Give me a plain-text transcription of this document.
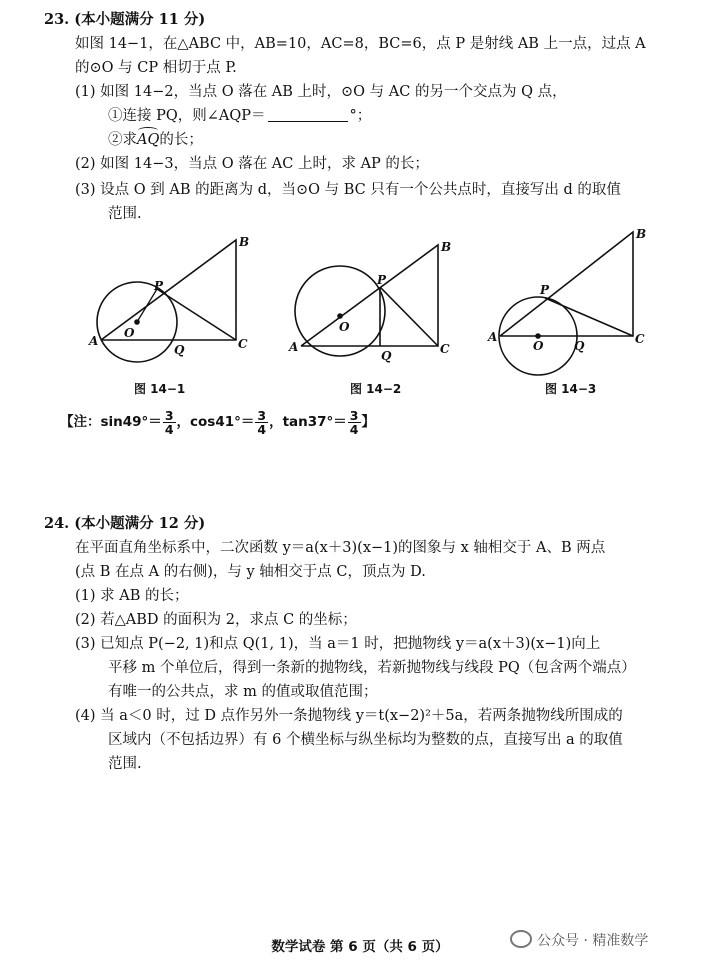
23. (本小题满分 11 分)
如图 14−1，在△ABC 中，AB=10，AC=8，BC=6，点 P 是射线 AB 上一点，过点 A
的⊙O 与 CP 相切于点 P.
(1) 如图 14−2，当点 O 落在 AB 上时，⊙O 与 AC 的另一个交点为 Q 点，
①连接 PQ，则∠AQP＝	°；
②求AQ的长；
(2) 如图 14−3，当点 O 落在 AC 上时，求 AP 的长；
(3) 设点 O 到 AB 的距离为 d，当⊙O 与 BC 只有一个公共点时，直接写出 d 的取值
范围.
A
B
C
P
O
Q	A
B
C
P
O
Q
A
B
C
P
O	Q
图 14−1	图 14−2	图 14−3
【注：$\sin 49^\circ= \frac{3}{4}$ ，$\cos 41^\circ= \frac{3}{4}$ ，$\tan 37^\circ= \frac{3}{4}$ 】
24. (本小题满分 12 分)
在平面直角坐标系中，二次函数 y＝a(x＋3)(x−1)的图象与 x 轴相交于 A、B 两点
(点 B 在点 A 的右侧)，与 y 轴相交于点 C，顶点为 D.
(1) 求 AB 的长；
(2) 若△ABD 的面积为 2，求点 C 的坐标；
(3) 已知点 P(−2, 1)和点 Q(1, 1)，当 a＝1 时，把抛物线 y＝a(x＋3)(x−1)向上
平移 m 个单位后，得到一条新的抛物线，若新抛物线与线段 PQ（包含两个端点）
有唯一的公共点，求 m 的值或取值范围；
(4) 当 a＜0 时，过 D 点作另外一条抛物线 y＝t(x−2)²＋5a，若两条抛物线所围成的
区域内（不包括边界）有 6 个横坐标与纵坐标均为整数的点，直接写出 a 的取值
范围.
数学试卷 第 6 页（共 6 页）	公众号 · 精准数学
